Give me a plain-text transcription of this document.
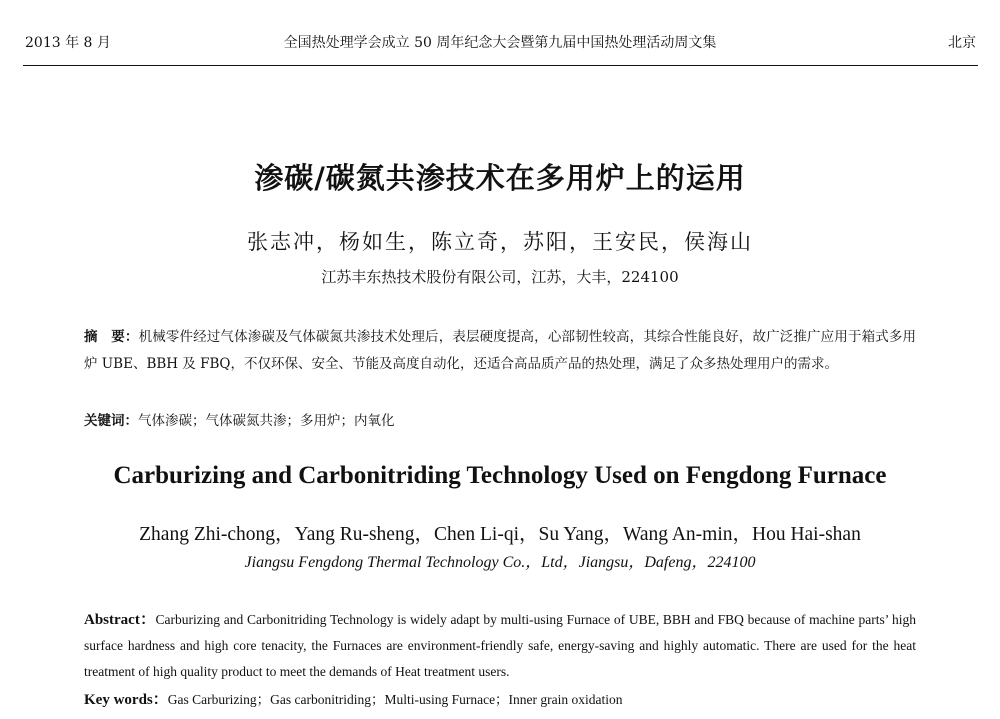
2013 年 8 月	全国热处理学会成立 50 周年纪念大会暨第九届中国热处理活动周文集	北京
渗碳/碳氮共渗技术在多用炉上的运用
张志冲，杨如生，陈立奇，苏阳，王安民，侯海山
江苏丰东热技术股份有限公司，江苏，大丰，224100
摘　要：机械零件经过气体渗碳及气体碳氮共渗技术处理后，表层硬度提高，心部韧性较高，其综合性能良好，故广泛推广应用于箱式多用炉 UBE、BBH 及 FBQ，不仅环保、安全、节能及高度自动化，还适合高品质产品的热处理，满足了众多热处理用户的需求。
关键词：气体渗碳；气体碳氮共渗；多用炉；内氧化
Carburizing and Carbonitriding Technology Used on Fengdong Furnace
Zhang Zhi-chong，Yang Ru-sheng，Chen Li-qi，Su Yang，Wang An-min，Hou Hai-shan
Jiangsu Fengdong Thermal Technology Co.，Ltd，Jiangsu，Dafeng，224100
Abstract：Carburizing and Carbonitriding Technology is widely adapt by multi-using Furnace of UBE, BBH and FBQ because of machine parts’ high surface hardness and high core tenacity, the Furnaces are environment-friendly safe, energy-saving and highly automatic. There are used for the heat treatment of high quality product to meet the demands of Heat treatment users.
Key words：Gas Carburizing；Gas carbonitriding；Multi-using Furnace；Inner grain oxidation
